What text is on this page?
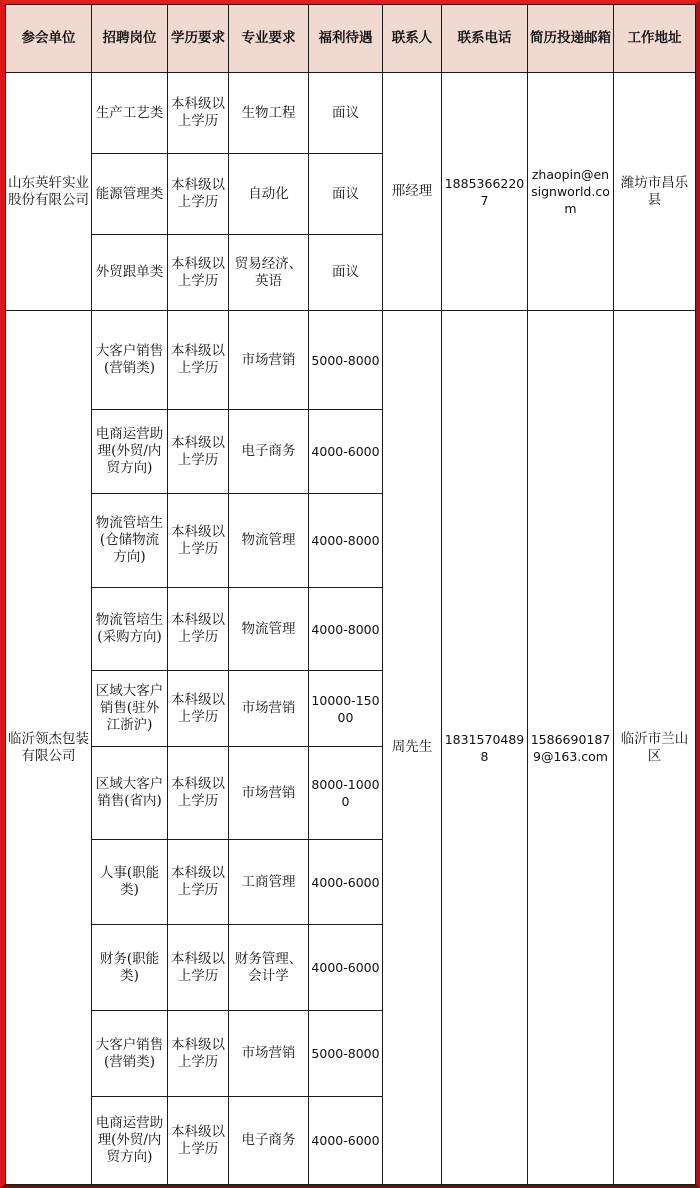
参会单位	招聘岗位	学历要求	专业要求	福利待遇	联系人	联系电话	简历投递邮箱	工作地址
山东英轩实业股份有限公司	生产工艺类	本科级以上学历	生物工程	面议	邢经理	18853662207	zhaopin@ensignworld.com	潍坊市昌乐县
	能源管理类	本科级以上学历	自动化	面议				
	外贸跟单类	本科级以上学历	贸易经济、英语	面议				
临沂领杰包装有限公司	大客户销售(营销类)	本科级以上学历	市场营销	5000-8000	周先生	18315704898	15866901879@163.com	临沂市兰山区
	电商运营助理(外贸/内贸方向)	本科级以上学历	电子商务	4000-6000				
	物流管培生(仓储物流方向)	本科级以上学历	物流管理	4000-8000				
	物流管培生(采购方向)	本科级以上学历	物流管理	4000-8000				
	区域大客户销售(驻外江浙沪)	本科级以上学历	市场营销	10000-15000				
	区域大客户销售(省内)	本科级以上学历	市场营销	8000-10000				
	人事(职能类)	本科级以上学历	工商管理	4000-6000				
	财务(职能类)	本科级以上学历	财务管理、会计学	4000-6000				
	大客户销售(营销类)	本科级以上学历	市场营销	5000-8000				
	电商运营助理(外贸/内贸方向)	本科级以上学历	电子商务	4000-6000				
